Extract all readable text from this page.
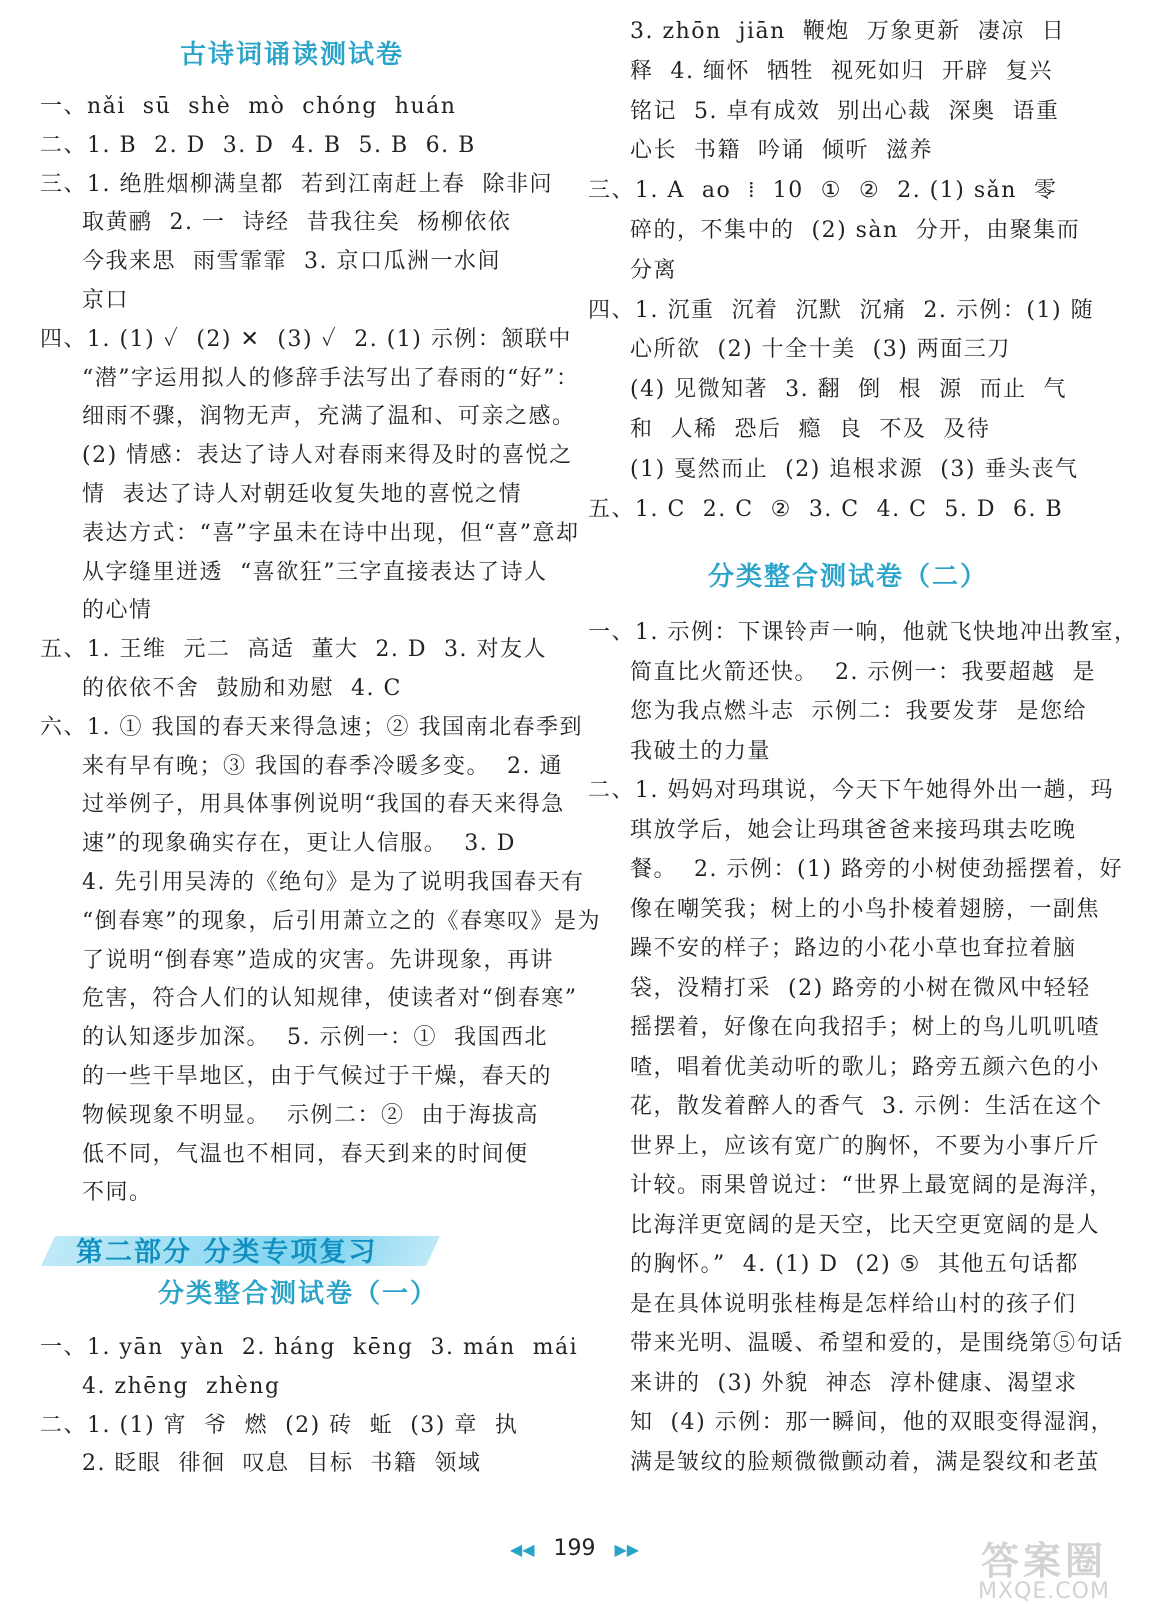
古诗词诵读测试卷
一、nǎi  sū  shè  mò  chóng  huán
二、1. B  2. D  3. D  4. B  5. B  6. B
三、1. 绝胜烟柳满皇都  若到江南赶上春  除非问
取黄鹂  2. 一  诗经  昔我往矣  杨柳依依
今我来思  雨雪霏霏  3. 京口瓜洲一水间
京口
四、1. (1) ✓  (2) ✕  (3) ✓  2. (1) 示例：颔联中
“潜”字运用拟人的修辞手法写出了春雨的“好”：
细雨不骤，润物无声，充满了温和、可亲之感。
(2) 情感：表达了诗人对春雨来得及时的喜悦之
情  表达了诗人对朝廷收复失地的喜悦之情
表达方式：“喜”字虽未在诗中出现，但“喜”意却
从字缝里迸透  “喜欲狂”三字直接表达了诗人
的心情
五、1. 王维  元二  高适  董大  2. D  3. 对友人
的依依不舍  鼓励和劝慰  4. C
六、1. ① 我国的春天来得急速；② 我国南北春季到
来有早有晚；③ 我国的春季冷暖多变。  2. 通
过举例子，用具体事例说明“我国的春天来得急
速”的现象确实存在，更让人信服。  3. D
4. 先引用吴涛的《绝句》是为了说明我国春天有
“倒春寒”的现象，后引用萧立之的《春寒叹》是为
了说明“倒春寒”造成的灾害。先讲现象，再讲
危害，符合人们的认知规律，使读者对“倒春寒”
的认知逐步加深。  5. 示例一：①  我国西北
的一些干旱地区，由于气候过于干燥，春天的
物候现象不明显。  示例二：②  由于海拔高
低不同，气温也不相同，春天到来的时间便
不同。
第二部分 分类专项复习
分类整合测试卷（一）
一、1. yān  yàn  2. háng  kēng  3. mán  mái
4. zhēng  zhèng
二、1. (1) 宵  爷  燃  (2) 砖  蚯  (3) 章  执
2. 眨眼  徘徊  叹息  目标  书籍  领域
3. zhōn  jiān  鞭炮  万象更新  凄凉  日
释  4. 缅怀  牺牲  视死如归  开辟  复兴
铭记  5. 卓有成效  别出心裁  深奥  语重
心长  书籍  吟诵  倾听  滋养
三、1. A  ao  ⁞  10  ①  ②  2. (1) sǎn  零
碎的，不集中的  (2) sàn  分开，由聚集而
分离
四、1. 沉重  沉着  沉默  沉痛  2. 示例：(1) 随
心所欲  (2) 十全十美  (3) 两面三刀
(4) 见微知著  3. 翻  倒  根  源  而止  气
和  人稀  恐后  瘾  良  不及  及待
(1) 戛然而止  (2) 追根求源  (3) 垂头丧气
五、1. C  2. C  ②  3. C  4. C  5. D  6. B
分类整合测试卷（二）
一、1. 示例：下课铃声一响，他就飞快地冲出教室，
简直比火箭还快。  2. 示例一：我要超越  是
您为我点燃斗志  示例二：我要发芽  是您给
我破土的力量
二、1. 妈妈对玛琪说，今天下午她得外出一趟，玛
琪放学后，她会让玛琪爸爸来接玛琪去吃晚
餐。  2. 示例：(1) 路旁的小树使劲摇摆着，好
像在嘲笑我；树上的小鸟扑棱着翅膀，一副焦
躁不安的样子；路边的小花小草也耷拉着脑
袋，没精打采  (2) 路旁的小树在微风中轻轻
摇摆着，好像在向我招手；树上的鸟儿叽叽喳
喳，唱着优美动听的歌儿；路旁五颜六色的小
花，散发着醉人的香气  3. 示例：生活在这个
世界上，应该有宽广的胸怀，不要为小事斤斤
计较。雨果曾说过：“世界上最宽阔的是海洋，
比海洋更宽阔的是天空，比天空更宽阔的是人
的胸怀。”  4. (1) D  (2) ⑤  其他五句话都
是在具体说明张桂梅是怎样给山村的孩子们
带来光明、温暖、希望和爱的，是围绕第⑤句话
来讲的  (3) 外貌  神态  淳朴健康、渴望求
知  (4) 示例：那一瞬间，他的双眼变得湿润，
满是皱纹的脸颊微微颤动着，满是裂纹和老茧
◀◀ 199 ▶▶	答案圈
MXQE.COM
